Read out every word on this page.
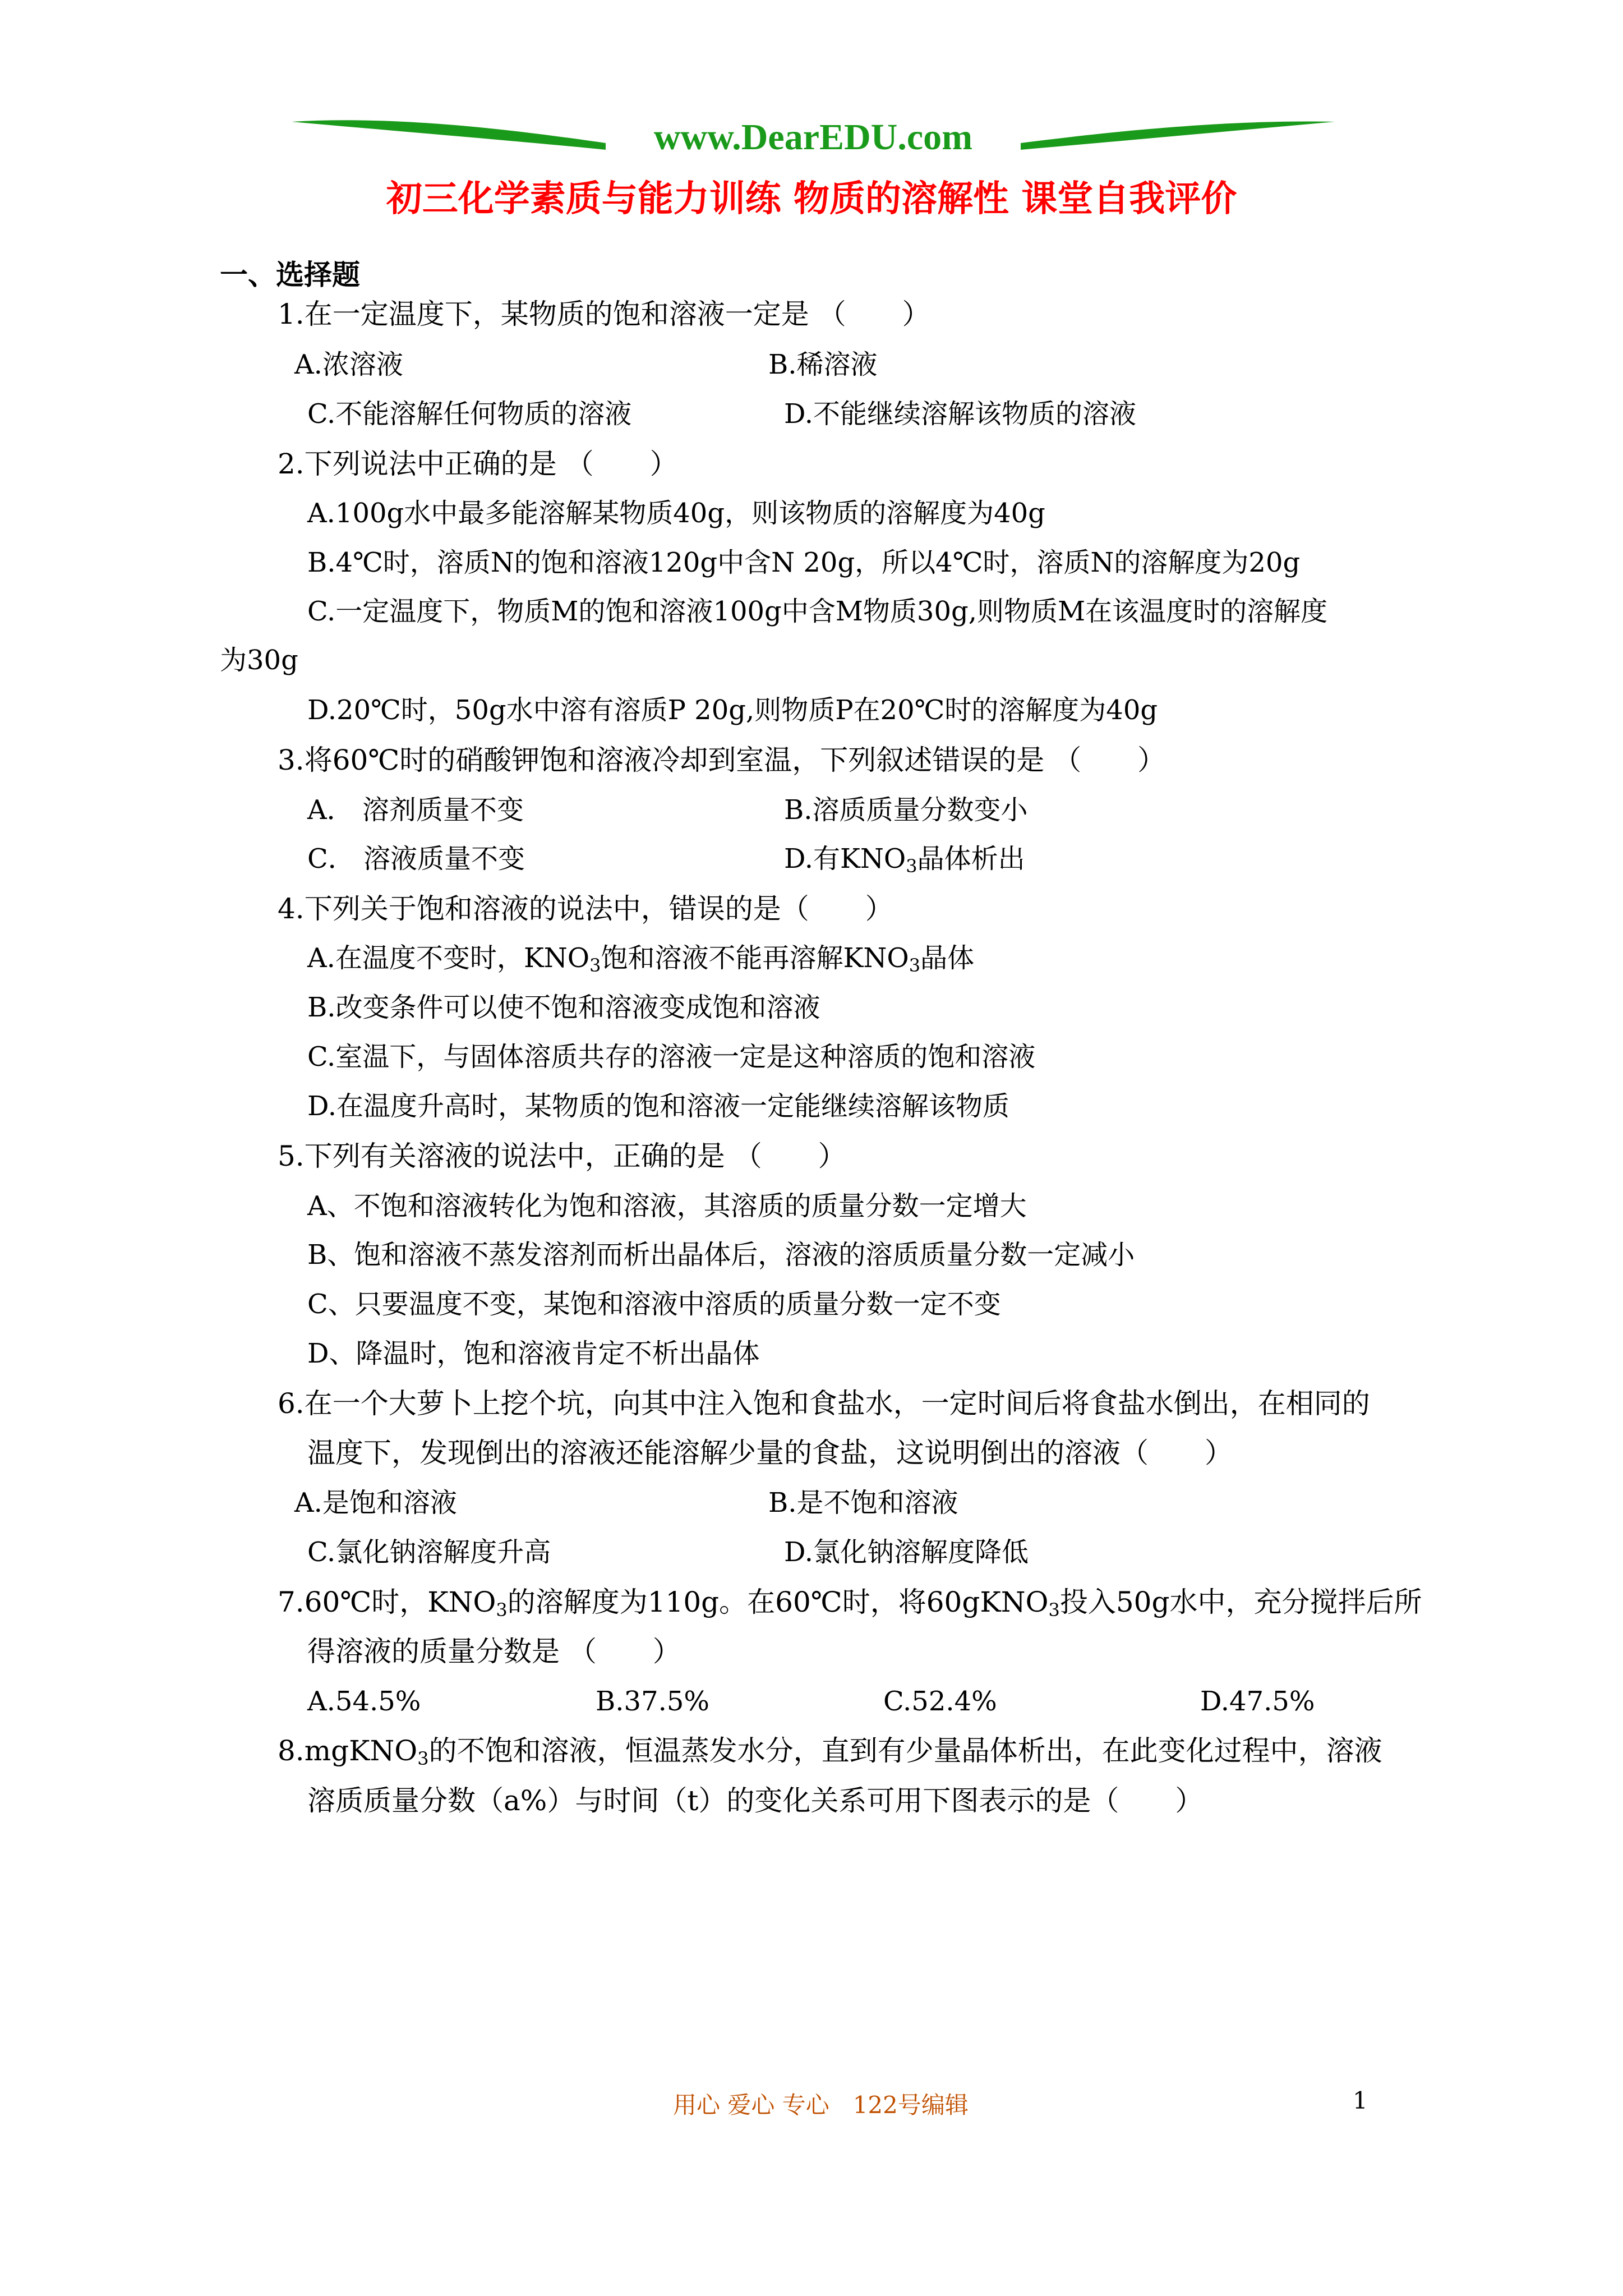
www.DearEDU.com
初三化学素质与能力训练 物质的溶解性 课堂自我评价
一、选择题
1.在一定温度下，某物质的饱和溶液一定是 （　　）
A.浓溶液	B.稀溶液
C.不能溶解任何物质的溶液	D.不能继续溶解该物质的溶液
2.下列说法中正确的是 （　　）
A.100g水中最多能溶解某物质40g，则该物质的溶解度为40g
B.4℃时，溶质N的饱和溶液120g中含N 20g，所以4℃时，溶质N的溶解度为20g
C.一定温度下，物质M的饱和溶液100g中含M物质30g,则物质M在该温度时的溶解度
为30g
D.20℃时，50g水中溶有溶质P 20g,则物质P在20℃时的溶解度为40g
3.将60℃时的硝酸钾饱和溶液冷却到室温，下列叙述错误的是 （　　）
A． 溶剂质量不变	B.溶质质量分数变小
C． 溶液质量不变	D.有$KNO_3$晶体析出
4.下列关于饱和溶液的说法中，错误的是（　　）
A.在温度不变时，$KNO_3$饱和溶液不能再溶解$KNO_3$晶体
B.改变条件可以使不饱和溶液变成饱和溶液
C.室温下，与固体溶质共存的溶液一定是这种溶质的饱和溶液
D.在温度升高时，某物质的饱和溶液一定能继续溶解该物质
5.下列有关溶液的说法中，正确的是 （　　）
A、不饱和溶液转化为饱和溶液，其溶质的质量分数一定增大
B、饱和溶液不蒸发溶剂而析出晶体后，溶液的溶质质量分数一定减小
C、只要温度不变，某饱和溶液中溶质的质量分数一定不变
D、降温时，饱和溶液肯定不析出晶体
6.在一个大萝卜上挖个坑，向其中注入饱和食盐水，一定时间后将食盐水倒出，在相同的
温度下，发现倒出的溶液还能溶解少量的食盐，这说明倒出的溶液（　　）
A.是饱和溶液	B.是不饱和溶液
C.氯化钠溶解度升高	D.氯化钠溶解度降低
7.60℃时，$KNO_3$的溶解度为110g。在60℃时，将60gKNO$_3$投入50g水中，充分搅拌后所
得溶液的质量分数是 （　　）
A.54.5%	B.37.5%	C.52.4%	D.47.5%
8.mgKNO$_3$的不饱和溶液，恒温蒸发水分，直到有少量晶体析出，在此变化过程中，溶液
溶质质量分数（a%）与时间（t）的变化关系可用下图表示的是（　　）
用心 爱心 专心　122号编辑	1
